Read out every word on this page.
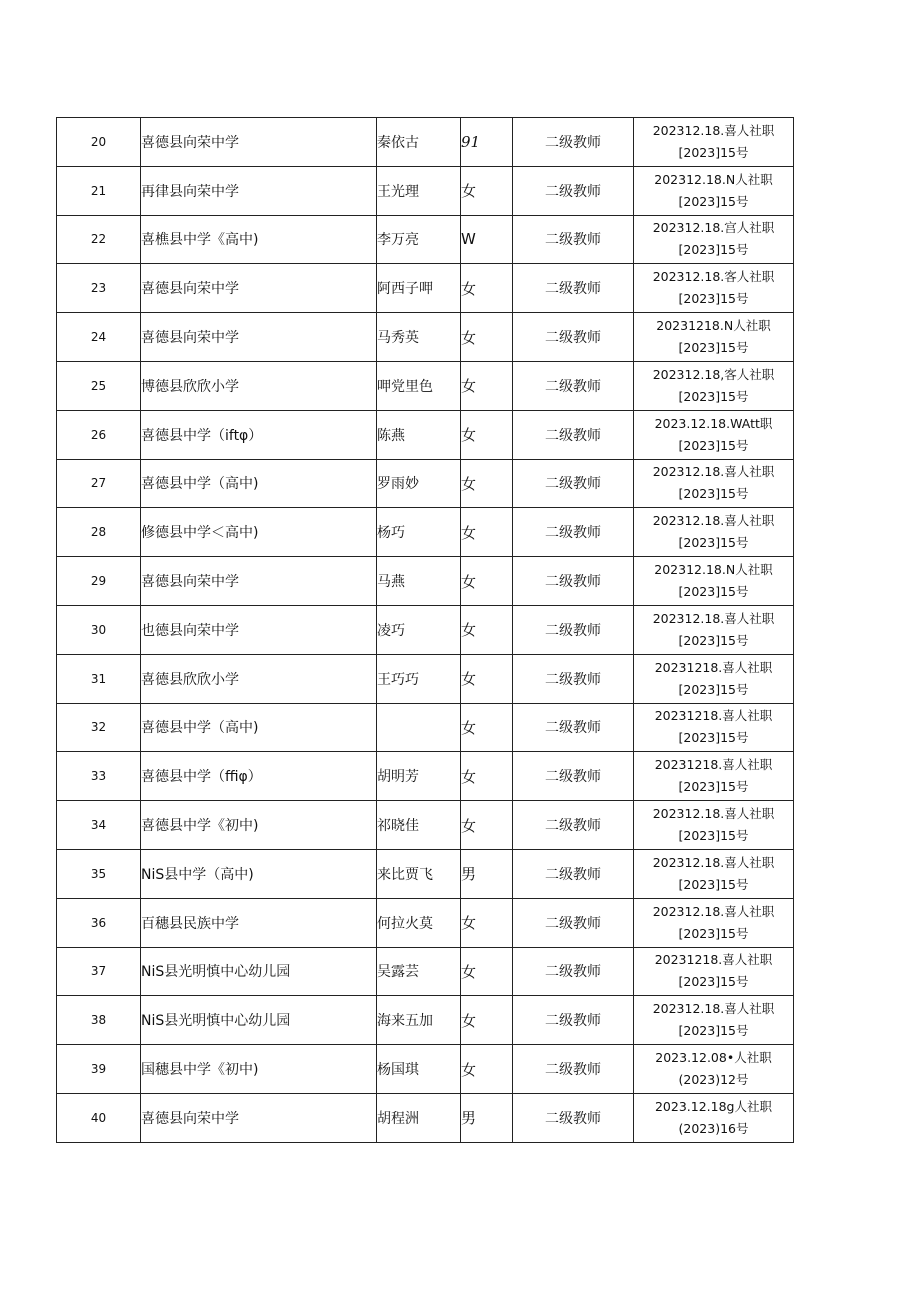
20	喜德县向荣中学	秦依古	91	二级教师	202312.18.喜人社职
[2023]15号

21	再律县向荣中学	王光理	女	二级教师	202312.18.N人社职
[2023]15号

22	喜樵县中学《高中)	李万亮	W	二级教师	202312.18.宫人社职
[2023]15号

23	喜德县向荣中学	阿西子呷	女	二级教师	202312.18.客人社职
[2023]15号

24	喜德县向荣中学	马秀英	女	二级教师	20231218.N人社职
[2023]15号

25	博德县欣欣小学	呷党里色	女	二级教师	202312.18,客人社职
[2023]15号

26	喜德县中学（iftφ）	陈燕	女	二级教师	2023.12.18.WAtt职
[2023]15号

27	喜德县中学（高中)	罗雨妙	女	二级教师	202312.18.喜人社职
[2023]15号

28	修德县中学＜高中)	杨巧	女	二级教师	202312.18.喜人社职
[2023]15号

29	喜德县向荣中学	马燕	女	二级教师	202312.18.N人社职
[2023]15号

30	也德县向荣中学	凌巧	女	二级教师	202312.18.喜人社职
[2023]15号

31	喜德县欣欣小学	王巧巧	女	二级教师	20231218.喜人社职
[2023]15号

32	喜德县中学（高中)		女	二级教师	20231218.喜人社职
[2023]15号

33	喜德县中学（ffiφ）	胡明芳	女	二级教师	20231218.喜人社职
[2023]15号

34	喜德县中学《初中)	祁晓佳	女	二级教师	202312.18.喜人社职
[2023]15号

35	NiS县中学（高中)	来比贾飞	男	二级教师	202312.18.喜人社职
[2023]15号

36	百穗县民族中学	何拉火莫	女	二级教师	202312.18.喜人社职
[2023]15号

37	NiS县光明慎中心幼儿园	吴露芸	女	二级教师	20231218.喜人社职
[2023]15号

38	NiS县光明慎中心幼儿园	海来五加	女	二级教师	202312.18.喜人社职
[2023]15号

39	国穗县中学《初中)	杨国琪	女	二级教师	2023.12.08•人社职
(2023)12号

40	喜德县向荣中学	胡程洲	男	二级教师	2023.12.18g人社职
(2023)16号
